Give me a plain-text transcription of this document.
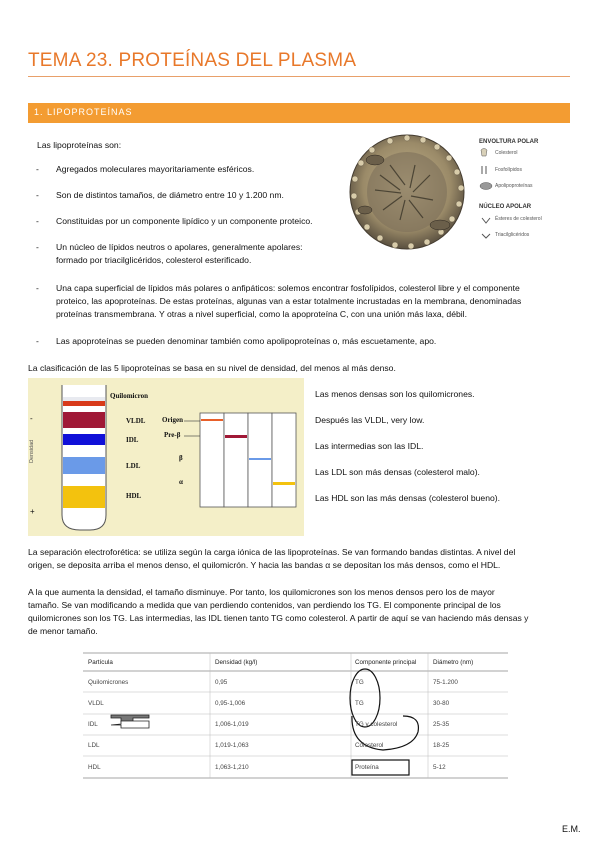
TEMA 23. PROTEÍNAS DEL PLASMA
1. LIPOPROTEÍNAS
Las lipoproteínas son:
- Agregados moleculares mayoritariamente esféricos.
- Son de distintos tamaños, de diámetro entre 10 y 1.200 nm.
- Constituidas por un componente lipídico y un componente proteico.
- Un núcleo de lípidos neutros o apolares, generalmente apolares:
formado por triacilglicéridos, colesterol esterificado.
- Una capa superficial de lípidos más polares o anfipáticos: solemos encontrar fosfolípidos, colesterol libre y el componente
proteico, las apoproteínas. De estas proteínas, algunas van a estar totalmente incrustadas en la membrana, denominadas
proteínas transmembrana. Y otras a nivel superficial, como la apoproteína C, con una unión más laxa, débil.
- Las apoproteínas se pueden denominar también como apolipoproteínas o, más escuetamente, apo.
ENVOLTURA POLAR
Colesterol
Fosfolípidos
Apolipoproteínas
NÚCLEO APOLAR
Ésteres de colesterol
Triacilglicéridos
La clasificación de las 5 lipoproteínas se basa en su nivel de densidad, del menos al más denso.
-
Densidad
+
Quilomicron
VLDL
IDL
LDL
HDL
Origen
Pre-β
β
α
Las menos densas son los quilomicrones.
Después las VLDL, very low.
Las intermedias son las IDL.
Las LDL son más densas (colesterol malo).
Las HDL son las más densas (colesterol bueno).
La separación electroforética: se utiliza según la carga iónica de las lipoproteínas. Se van formando bandas distintas. A nivel del
origen, se deposita arriba el menos denso, el quilomicrón. Y hacia las bandas α se depositan los más densos, como el HDL.
A la que aumenta la densidad, el tamaño disminuye. Por tanto, los quilomicrones son los menos densos pero los de mayor
tamaño. Se van modificando a medida que van perdiendo contenidos, van perdiendo los TG. El componente principal de los
quilomicrones son los TG. Las intermedias, las IDL tienen tanto TG como colesterol. A partir de aquí se van haciendo más densas y
de menor tamaño.
Partícula	Densidad (kg/l)	Componente principal	Diámetro (nm)
Quilomicrones	0,95	TG	75-1.200
VLDL	0,95-1,006	TG	30-80
IDL	1,006-1,019	TG y colesterol	25-35
LDL	1,019-1,063	Colesterol	18-25
HDL	1,063-1,210	Proteína	5-12
E.M.
